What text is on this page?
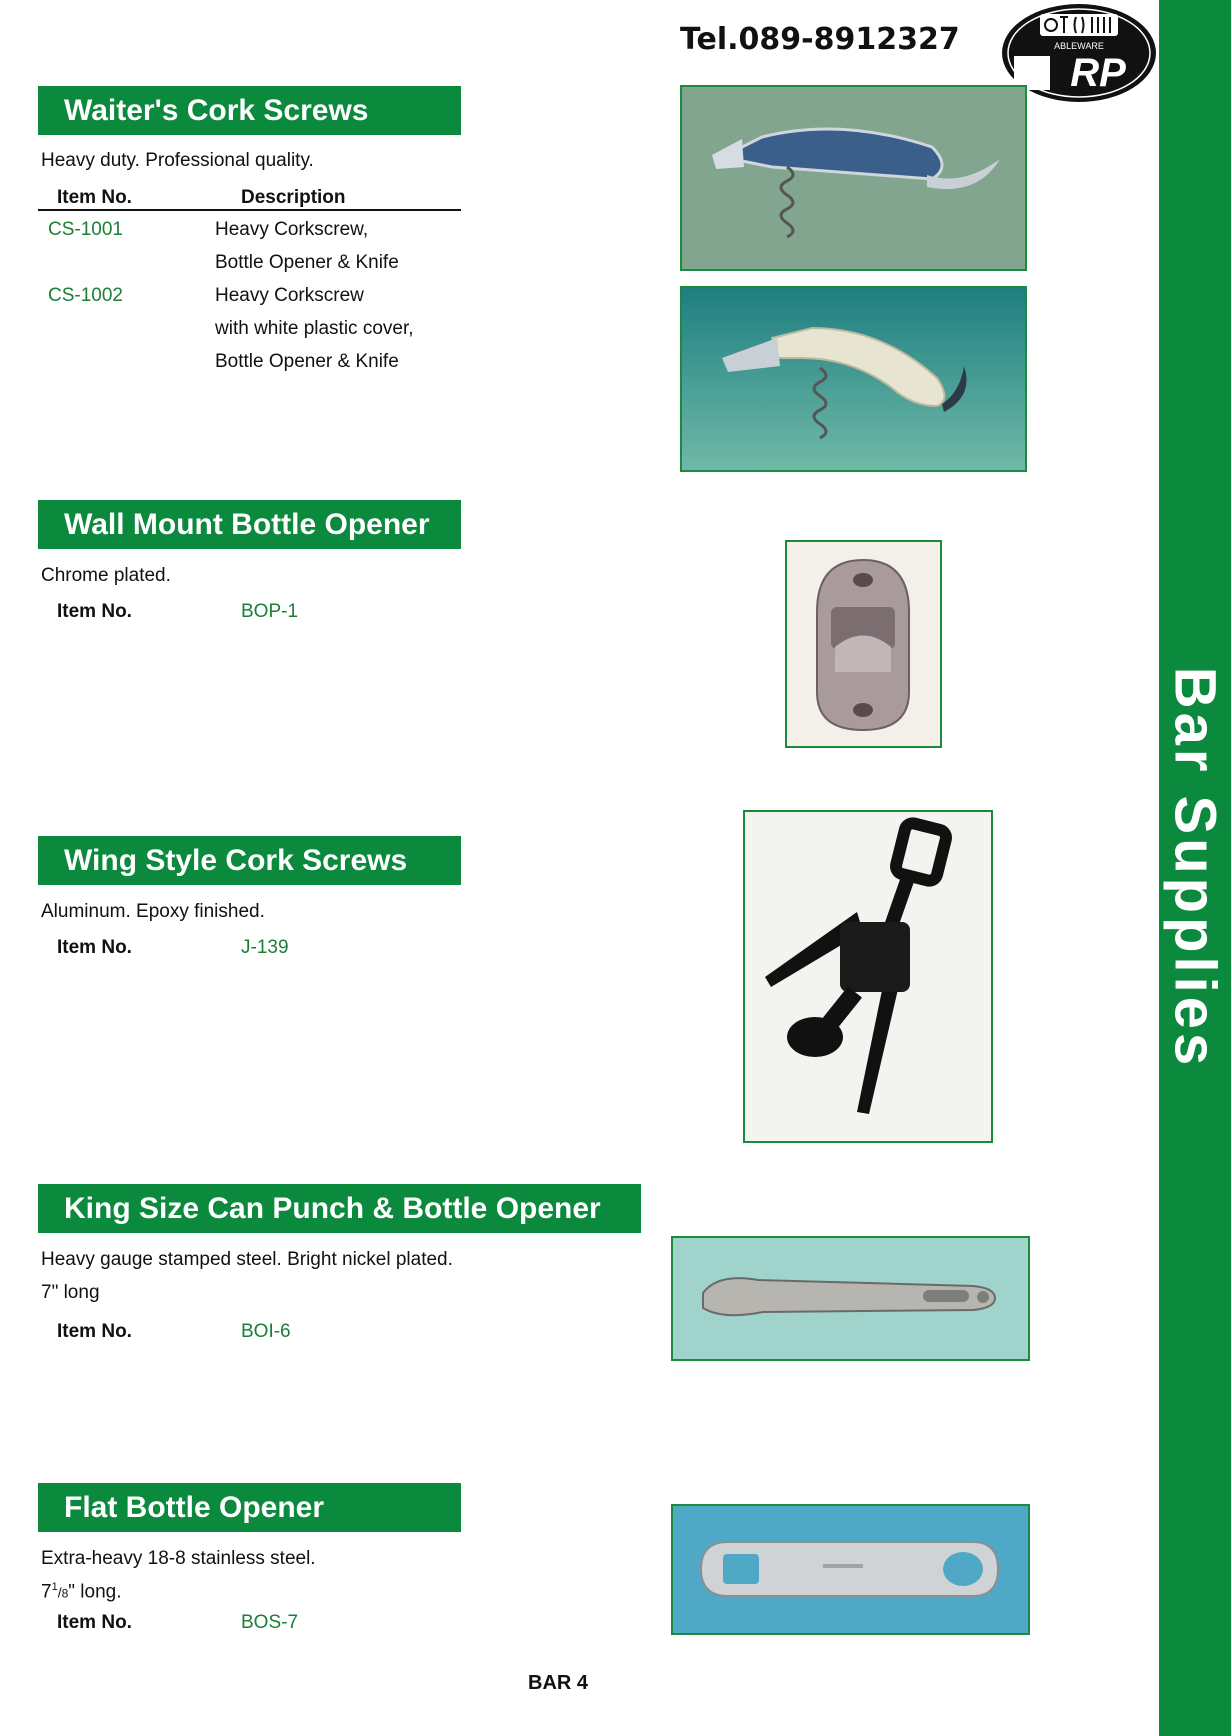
Tel.089-8912327	ABLEWARE
RP
Bar Supplies
Waiter's Cork Screws
Heavy duty. Professional quality.
Item No.	Description
CS-1001	Heavy Corkscrew,
Bottle Opener & Knife
CS-1002	Heavy Corkscrew
with white plastic cover,
Bottle Opener & Knife
Wall Mount Bottle Opener
Chrome plated.
Item No.	BOP-1
Wing Style Cork Screws
Aluminum. Epoxy finished.
Item No.	J-139
King Size Can Punch & Bottle Opener
Heavy gauge stamped steel. Bright nickel plated.
7" long
Item No.	BOI-6
Flat Bottle Opener
Extra-heavy 18-8 stainless steel.
$7^1/8$" long.
Item No.	BOS-7
BAR 4
